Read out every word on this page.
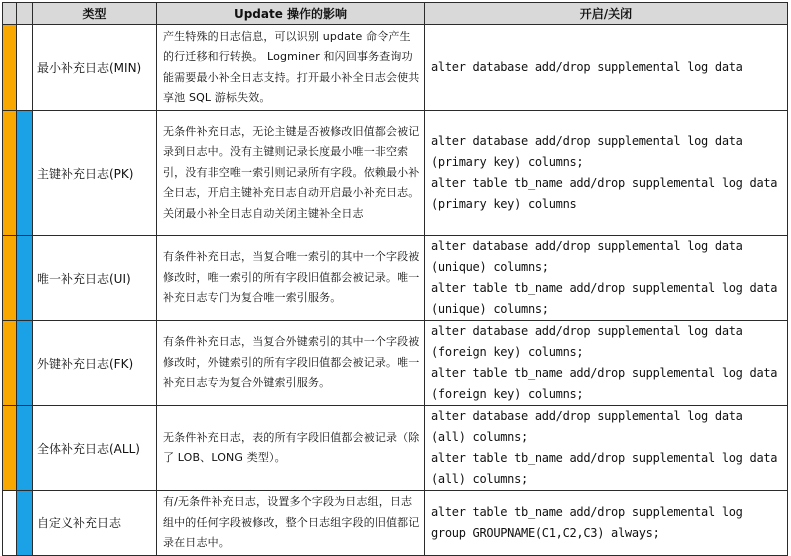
		类型	Update 操作的影响	开启/关闭
		最小补充日志(MIN)	产生特殊的日志信息，可以识别 update 命令产生的行迁移和行转换。 Logminer 和闪回事务查询功能需要最小补全日志支持。打开最小补全日志会使共享池 SQL 游标失效。	alter database add/drop supplemental log data

		主键补充日志(PK)	无条件补充日志，无论主键是否被修改旧值都会被记录到日志中。没有主键则记录长度最小唯一非空索引，没有非空唯一索引则记录所有字段。依赖最小补全日志，开启主键补充日志自动开启最小补充日志。关闭最小补全日志自动关闭主键补全日志	alter database add/drop supplemental log data (primary key) columns;
alter table tb_name add/drop supplemental log data (primary key) columns

		唯一补充日志(UI)	有条件补充日志，当复合唯一索引的其中一个字段被修改时，唯一索引的所有字段旧值都会被记录。唯一补充日志专门为复合唯一索引服务。	alter database add/drop supplemental log data (unique) columns;
alter table tb_name add/drop supplemental log data (unique) columns;

		外键补充日志(FK)	有条件补充日志，当复合外键索引的其中一个字段被修改时，外键索引的所有字段旧值都会被记录。唯一补充日志专为复合外键索引服务。	alter database add/drop supplemental log data (foreign key) columns;
alter table tb_name add/drop supplemental log data (foreign key) columns;

		全体补充日志(ALL)	无条件补充日志，表的所有字段旧值都会被记录（除了 LOB、LONG 类型）。	alter database add/drop supplemental log data (all) columns;
alter table tb_name add/drop supplemental log data (all) columns;

		自定义补充日志	有/无条件补充日志，设置多个字段为日志组，日志组中的任何字段被修改，整个日志组字段的旧值都记录在日志中。	alter table tb_name add/drop supplemental log group GROUPNAME(C1,C2,C3) always;
